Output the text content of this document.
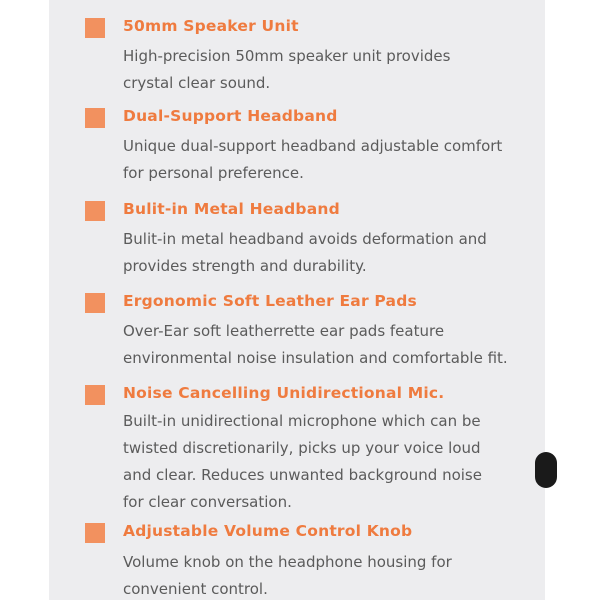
50mm Speaker Unit

High-precision 50mm speaker unit provides
crystal clear sound.

Dual-Support Headband

Unique dual-support headband adjustable comfort
for personal preference.

Bulit-in Metal Headband

Bulit-in metal headband avoids deformation and
provides strength and durability.

Ergonomic Soft Leather Ear Pads

Over-Ear soft leatherrette ear pads feature
environmental noise insulation and comfortable fit.

Noise Cancelling Unidirectional Mic.

Built-in unidirectional microphone which can be
twisted discretionarily, picks up your voice loud
and clear. Reduces unwanted background noise
for clear conversation.

Adjustable Volume Control Knob

Volume knob on the headphone housing for
convenient control.
